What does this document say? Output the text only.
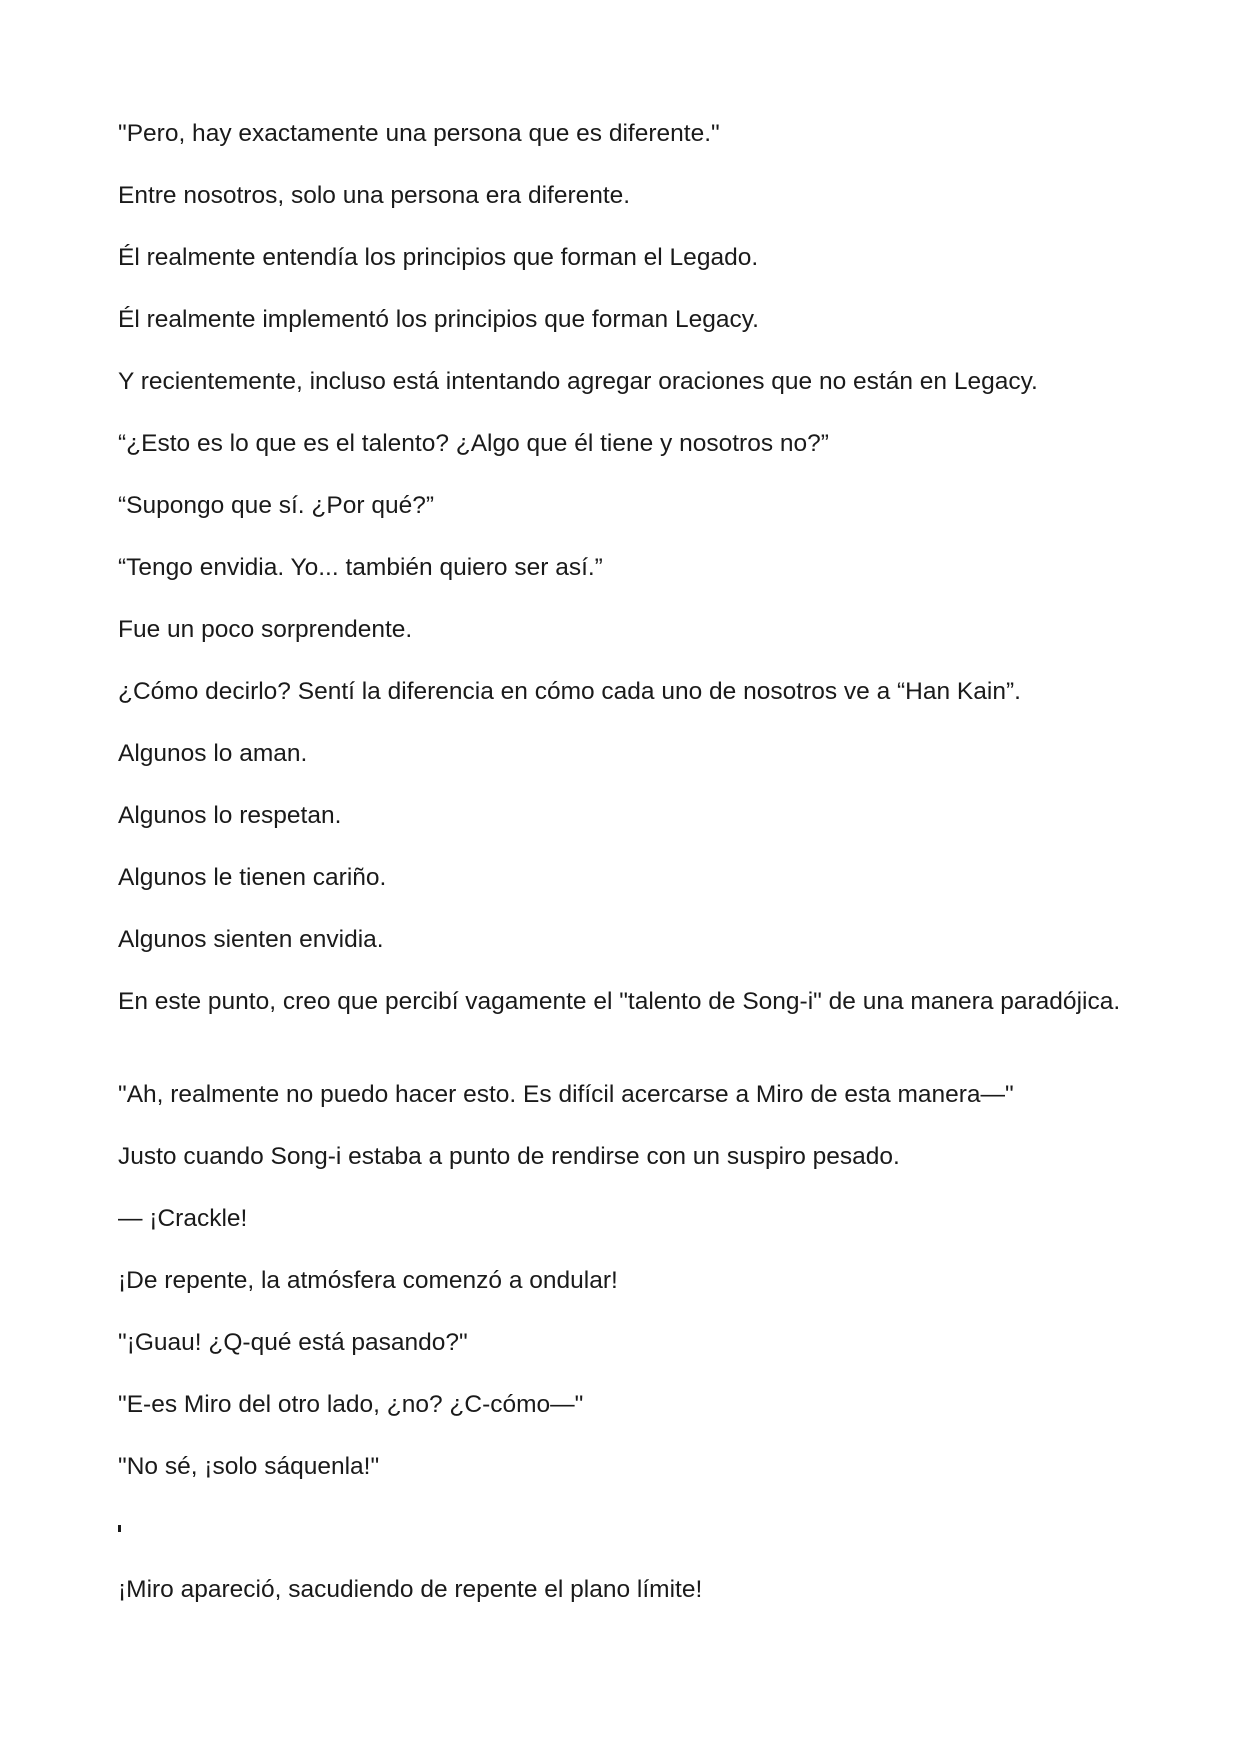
"Pero, hay exactamente una persona que es diferente."

Entre nosotros, solo una persona era diferente.

Él realmente entendía los principios que forman el Legado.

Él realmente implementó los principios que forman Legacy.

Y recientemente, incluso está intentando agregar oraciones que no están en Legacy.

“¿Esto es lo que es el talento? ¿Algo que él tiene y nosotros no?”

“Supongo que sí. ¿Por qué?”

“Tengo envidia. Yo... también quiero ser así.”

Fue un poco sorprendente.

¿Cómo decirlo? Sentí la diferencia en cómo cada uno de nosotros ve a “Han Kain”.

Algunos lo aman.

Algunos lo respetan.

Algunos le tienen cariño.

Algunos sienten envidia.

En este punto, creo que percibí vagamente el "talento de Song-i" de una manera paradójica.

"Ah, realmente no puedo hacer esto. Es difícil acercarse a Miro de esta manera—"

Justo cuando Song-i estaba a punto de rendirse con un suspiro pesado.

— ¡Crackle!

¡De repente, la atmósfera comenzó a ondular!

"¡Guau! ¿Q-qué está pasando?"

"E-es Miro del otro lado, ¿no? ¿C-cómo—"

"No sé, ¡solo sáquenla!"

¡Miro apareció, sacudiendo de repente el plano límite!
